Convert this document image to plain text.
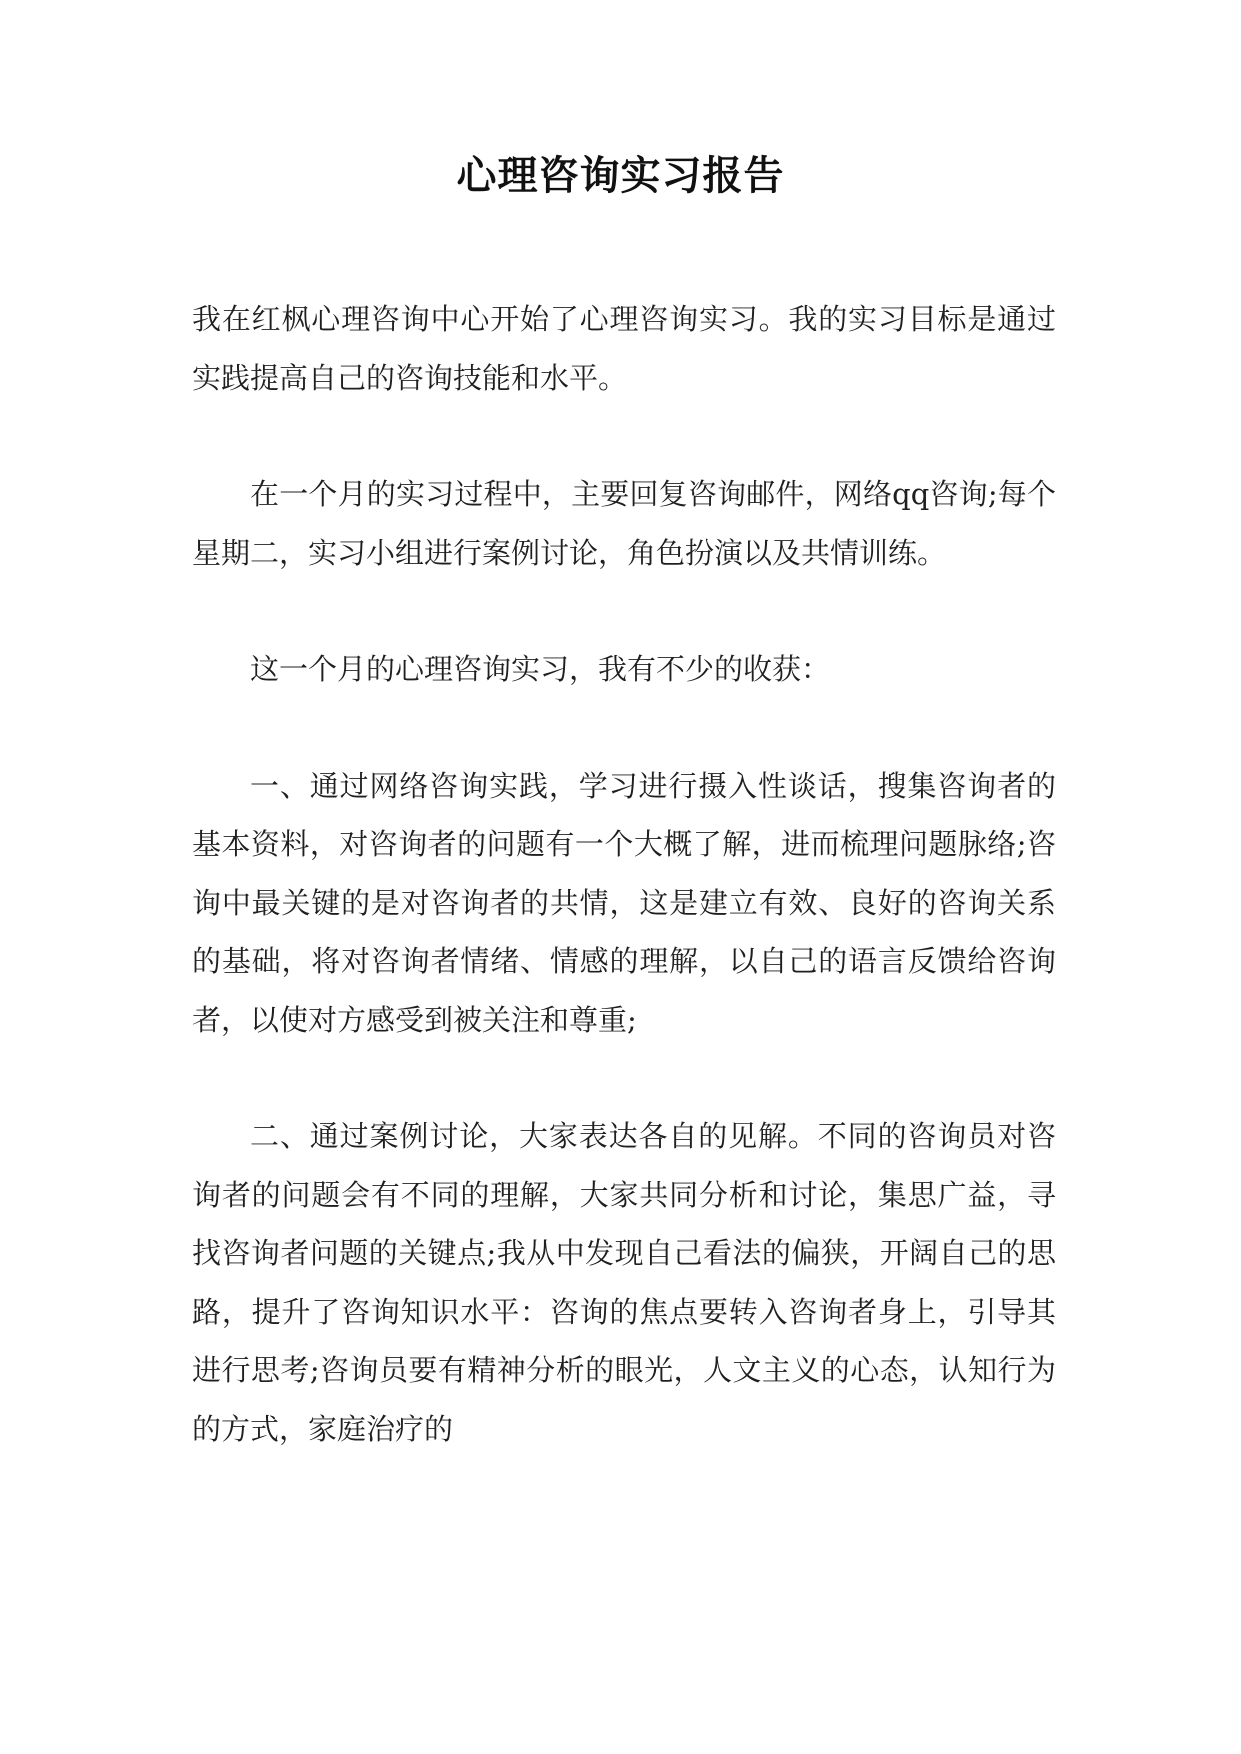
心理咨询实习报告

我在红枫心理咨询中心开始了心理咨询实习。我的实习目标是通过实践提高自己的咨询技能和水平。

在一个月的实习过程中，主要回复咨询邮件，网络qq咨询;每个星期二，实习小组进行案例讨论，角色扮演以及共情训练。

这一个月的心理咨询实习，我有不少的收获：

一、通过网络咨询实践，学习进行摄入性谈话，搜集咨询者的基本资料，对咨询者的问题有一个大概了解，进而梳理问题脉络;咨询中最关键的是对咨询者的共情，这是建立有效、良好的咨询关系的基础，将对咨询者情绪、情感的理解，以自己的语言反馈给咨询者，以使对方感受到被关注和尊重;

二、通过案例讨论，大家表达各自的见解。不同的咨询员对咨询者的问题会有不同的理解，大家共同分析和讨论，集思广益，寻找咨询者问题的关键点;我从中发现自己看法的偏狭，开阔自己的思路，提升了咨询知识水平：咨询的焦点要转入咨询者身上，引导其进行思考;咨询员要有精神分析的眼光，人文主义的心态，认知行为的方式，家庭治疗的
